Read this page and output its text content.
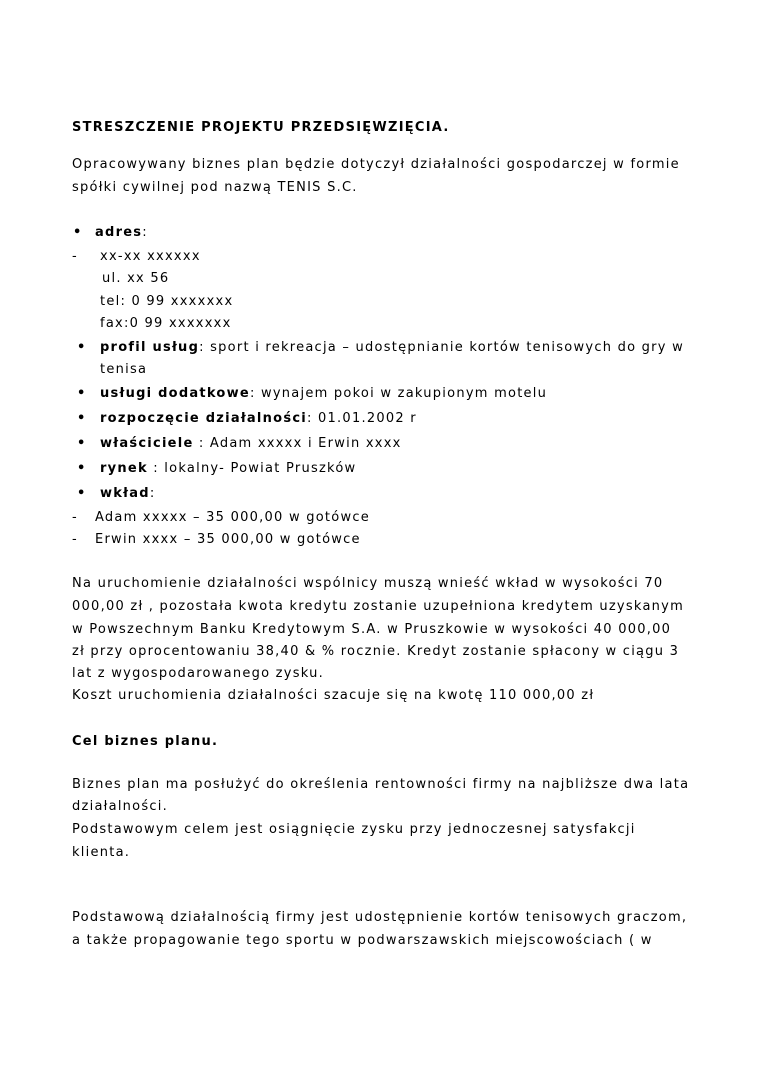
STRESZCZENIE PROJEKTU PRZEDSIĘWZIĘCIA.

Opracowywany biznes plan będzie dotyczył działalności gospodarczej w formie

spółki cywilnej pod nazwą TENIS S.C.

• adres:

- xx-xx xxxxxx

ul. xx 56

tel: 0 99 xxxxxxx

fax:0 99 xxxxxxx

• profil usług: sport i rekreacja – udostępnianie kortów tenisowych do gry w

tenisa

• usługi dodatkowe: wynajem pokoi w zakupionym motelu

• rozpoczęcie działalności: 01.01.2002 r

• właściciele : Adam xxxxx i Erwin xxxx

• rynek : lokalny- Powiat Pruszków

• wkład:

- Adam xxxxx – 35 000,00 w gotówce

- Erwin xxxx – 35 000,00 w gotówce

Na uruchomienie działalności wspólnicy muszą wnieść wkład w wysokości 70

000,00 zł , pozostała kwota kredytu zostanie uzupełniona kredytem uzyskanym

w Powszechnym Banku Kredytowym S.A. w Pruszkowie w wysokości 40 000,00

zł przy oprocentowaniu 38,40 & % rocznie. Kredyt zostanie spłacony w ciągu 3

lat z wygospodarowanego zysku.

Koszt uruchomienia działalności szacuje się na kwotę 110 000,00 zł

Cel biznes planu.

Biznes plan ma posłużyć do określenia rentowności firmy na najbliższe dwa lata

działalności.

Podstawowym celem jest osiągnięcie zysku przy jednoczesnej satysfakcji

klienta.

Podstawową działalnością firmy jest udostępnienie kortów tenisowych graczom,

a także propagowanie tego sportu w podwarszawskich miejscowościach ( w
